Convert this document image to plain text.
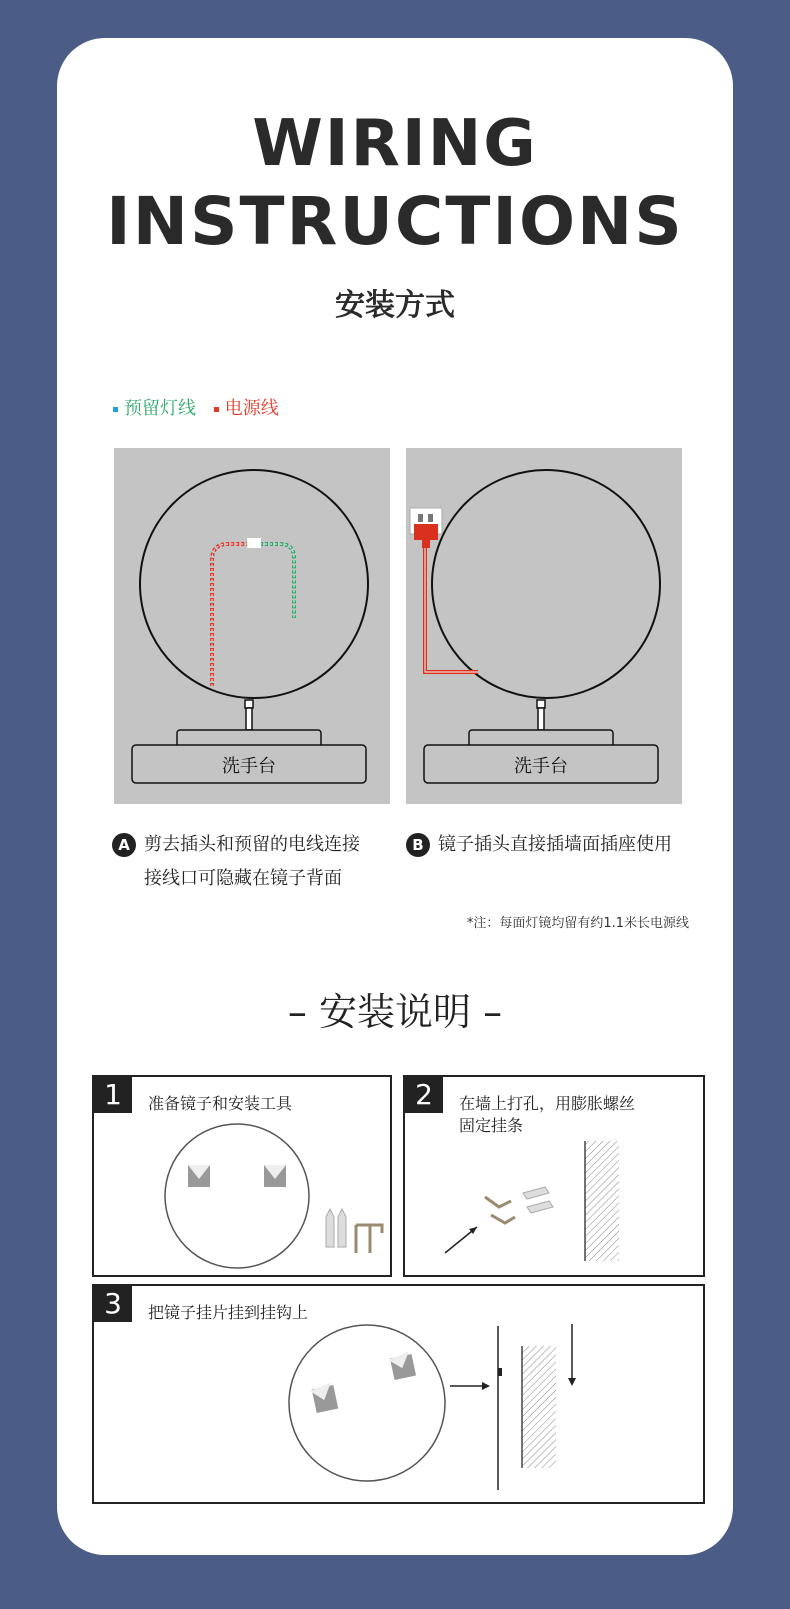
WIRING
INSTRUCTIONS
安装方式
预留灯线 电源线
洗手台	洗手台
A 剪去插头和预留的电线连接
接线口可隐藏在镜子背面
B 镜子插头直接插墙面插座使用
*注：每面灯镜均留有约1.1米长电源线
– 安装说明 –
1	准备镜子和安装工具	2	在墙上打孔，用膨胀螺丝
固定挂条
3	把镜子挂片挂到挂钩上
